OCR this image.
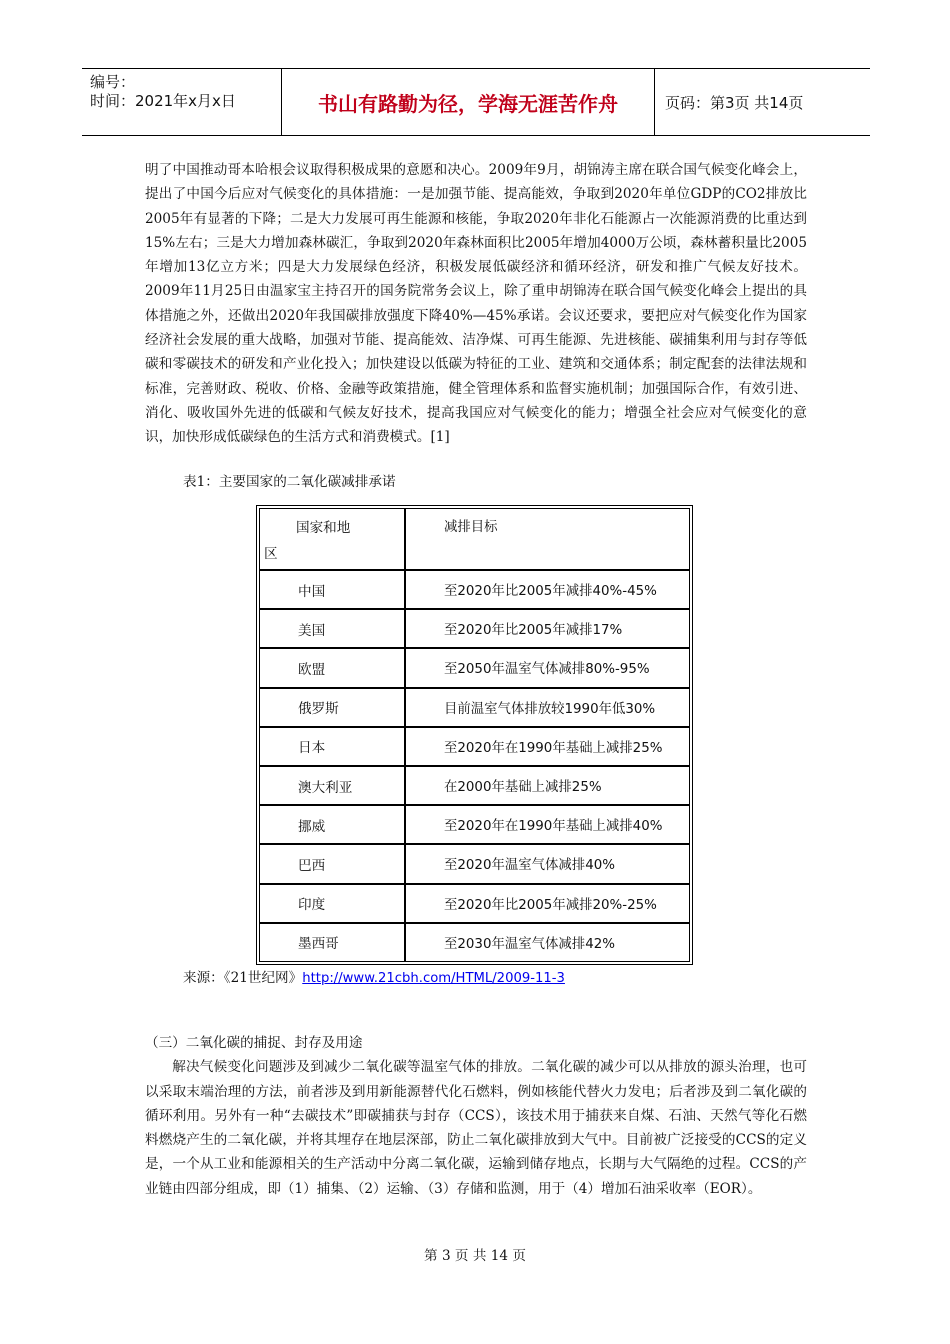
编号：
时间：2021年x月x日	书山有路勤为径，学海无涯苦作舟	页码：第3页 共14页

明了中国推动哥本哈根会议取得积极成果的意愿和决心。2009年9月，胡锦涛主席在联合国气候变化峰会上，提出了中国今后应对气候变化的具体措施：一是加强节能、提高能效，争取到2020年单位GDP的CO2排放比2005年有显著的下降；二是大力发展可再生能源和核能，争取2020年非化石能源占一次能源消费的比重达到15%左右；三是大力增加森林碳汇，争取到2020年森林面积比2005年增加4000万公顷，森林蓄积量比2005年增加13亿立方米；四是大力发展绿色经济，积极发展低碳经济和循环经济，研发和推广气候友好技术。2009年11月25日由温家宝主持召开的国务院常务会议上，除了重申胡锦涛在联合国气候变化峰会上提出的具体措施之外，还做出2020年我国碳排放强度下降40%—45%承诺。会议还要求，要把应对气候变化作为国家经济社会发展的重大战略，加强对节能、提高能效、洁净煤、可再生能源、先进核能、碳捕集利用与封存等低碳和零碳技术的研发和产业化投入；加快建设以低碳为特征的工业、建筑和交通体系；制定配套的法律法规和标准，完善财政、税收、价格、金融等政策措施，健全管理体系和监督实施机制；加强国际合作，有效引进、消化、吸收国外先进的低碳和气候友好技术，提高我国应对气候变化的能力；增强全社会应对气候变化的意识，加快形成低碳绿色的生活方式和消费模式。[1]

表1：主要国家的二氧化碳减排承诺
国家和地
区	减排目标

中国	至2020年比2005年减排40%-45%
美国	至2020年比2005年减排17%
欧盟	至2050年温室气体减排80%-95%
俄罗斯	目前温室气体排放较1990年低30%
日本	至2020年在1990年基础上减排25%
澳大利亚	在2000年基础上减排25%
挪威	至2020年在1990年基础上减排40%
巴西	至2020年温室气体减排40%
印度	至2020年比2005年减排20%-25%
墨西哥	至2030年温室气体减排42%
来源：《21世纪网》http://www.21cbh.com/HTML/2009-11-3

（三）二氧化碳的捕捉、封存及用途

解决气候变化问题涉及到减少二氧化碳等温室气体的排放。二氧化碳的减少可以从排放的源头治理，也可以采取末端治理的方法，前者涉及到用新能源替代化石燃料，例如核能代替火力发电；后者涉及到二氧化碳的循环利用。另外有一种“去碳技术”即碳捕获与封存（CCS），该技术用于捕获来自煤、石油、天然气等化石燃料燃烧产生的二氧化碳，并将其埋存在地层深部，防止二氧化碳排放到大气中。目前被广泛接受的CCS的定义是，一个从工业和能源相关的生产活动中分离二氧化碳，运输到储存地点，长期与大气隔绝的过程。CCS的产业链由四部分组成，即（1）捕集、（2）运输、（3）存储和监测，用于（4）增加石油采收率（EOR）。

第 3 页 共 14 页
